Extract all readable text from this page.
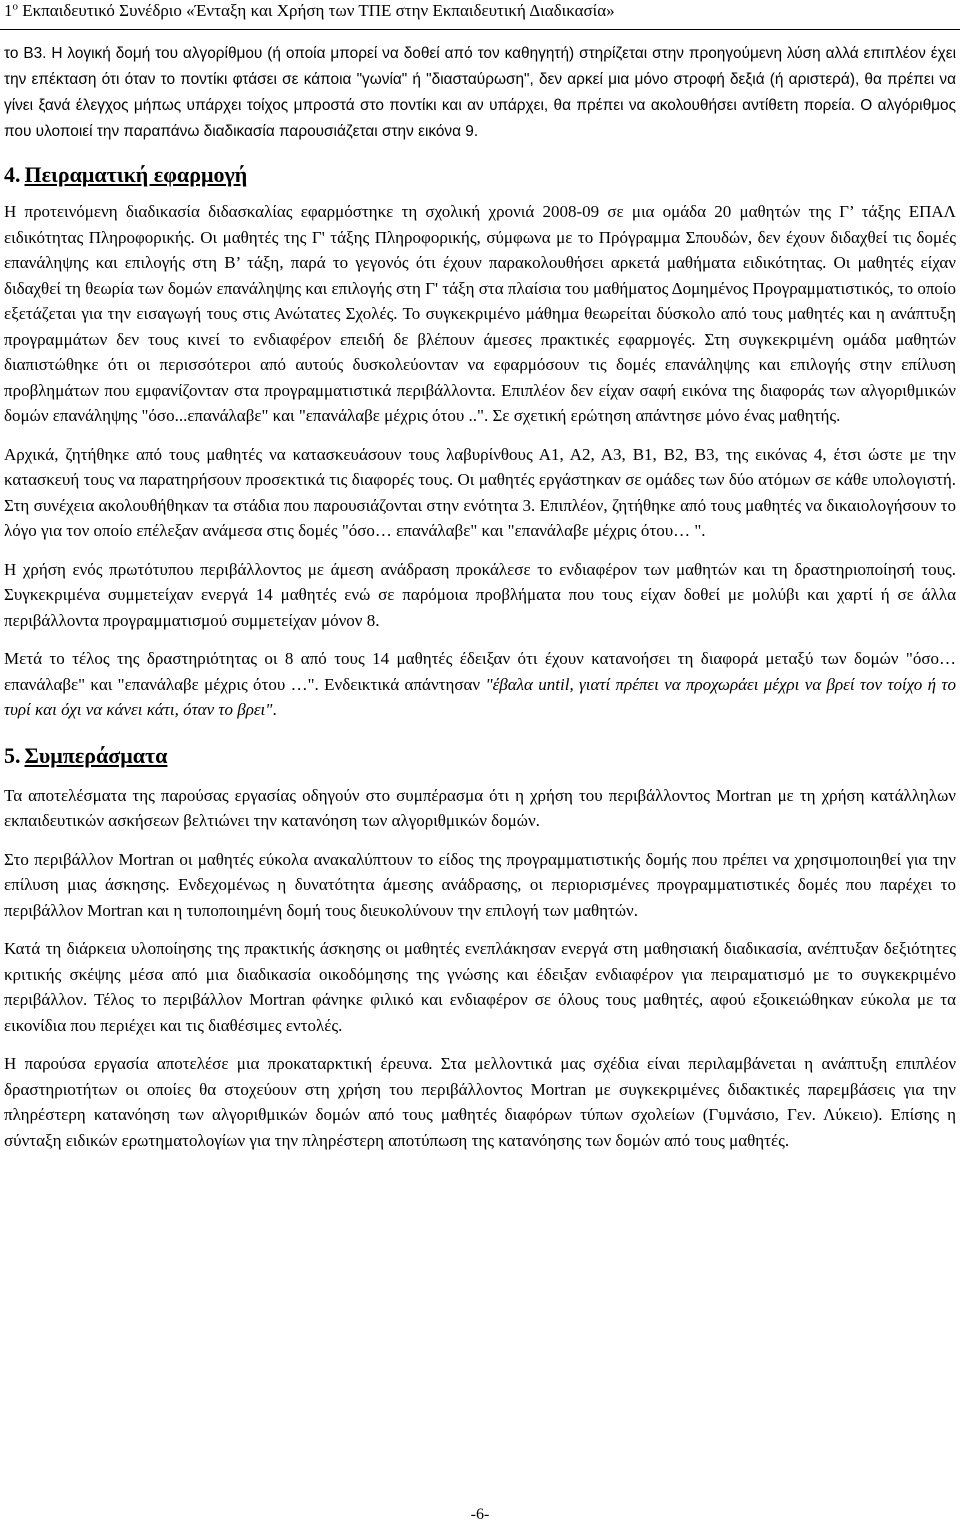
$1^o$ Εκπαιδευτικό Συνέδριο «Ένταξη και Χρήση των ΤΠΕ στην Εκπαιδευτική Διαδικασία»

το Β3. Η λογική δομή του αλγορίθμου (ή οποία μπορεί να δοθεί από τον καθηγητή) στηρίζεται στην προηγούμενη λύση αλλά επιπλέον έχει την επέκταση ότι όταν το ποντίκι φτάσει σε κάποια "γωνία" ή "διασταύρωση", δεν αρκεί μια μόνο στροφή δεξιά (ή αριστερά), θα πρέπει να γίνει ξανά έλεγχος μήπως υπάρχει τοίχος μπροστά στο ποντίκι και αν υπάρχει, θα πρέπει να ακολουθήσει αντίθετη πορεία. Ο αλγόριθμος που υλοποιεί την παραπάνω διαδικασία παρουσιάζεται στην εικόνα 9.

4. Πειραματική εφαρμογή

Η προτεινόμενη διαδικασία διδασκαλίας εφαρμόστηκε τη σχολική χρονιά 2008-09 σε μια ομάδα 20 μαθητών της Γ’ τάξης ΕΠΑΛ ειδικότητας Πληροφορικής. Οι μαθητές της Γ' τάξης Πληροφορικής, σύμφωνα με το Πρόγραμμα Σπουδών, δεν έχουν διδαχθεί τις δομές επανάληψης και επιλογής στη Β’ τάξη, παρά το γεγονός ότι έχουν παρακολουθήσει αρκετά μαθήματα ειδικότητας. Οι μαθητές είχαν διδαχθεί τη θεωρία των δομών επανάληψης και επιλογής στη Γ' τάξη στα πλαίσια του μαθήματος Δομημένος Προγραμματιστικός, το οποίο εξετάζεται για την εισαγωγή τους στις Ανώτατες Σχολές. Το συγκεκριμένο μάθημα θεωρείται δύσκολο από τους μαθητές και η ανάπτυξη προγραμμάτων δεν τους κινεί το ενδιαφέρον επειδή δε βλέπουν άμεσες πρακτικές εφαρμογές. Στη συγκεκριμένη ομάδα μαθητών διαπιστώθηκε ότι οι περισσότεροι από αυτούς δυσκολεύονταν να εφαρμόσουν τις δομές επανάληψης και επιλογής στην επίλυση προβλημάτων που εμφανίζονταν στα προγραμματιστικά περιβάλλοντα. Επιπλέον δεν είχαν σαφή εικόνα της διαφοράς των αλγοριθμικών δομών επανάληψης "όσο...επανάλαβε" και "επανάλαβε μέχρις ότου ..". Σε σχετική ερώτηση απάντησε μόνο ένας μαθητής.

Αρχικά, ζητήθηκε από τους μαθητές να κατασκευάσουν τους λαβυρίνθους Α1, Α2, Α3, Β1, Β2, Β3, της εικόνας 4, έτσι ώστε με την κατασκευή τους να παρατηρήσουν προσεκτικά τις διαφορές τους. Οι μαθητές εργάστηκαν σε ομάδες των δύο ατόμων σε κάθε υπολογιστή. Στη συνέχεια ακολουθήθηκαν τα στάδια που παρουσιάζονται στην ενότητα 3. Επιπλέον, ζητήθηκε από τους μαθητές να δικαιολογήσουν το λόγο για τον οποίο επέλεξαν ανάμεσα στις δομές "όσο… επανάλαβε" και "επανάλαβε μέχρις ότου… ".

Η χρήση ενός πρωτότυπου περιβάλλοντος με άμεση ανάδραση προκάλεσε το ενδιαφέρον των μαθητών και τη δραστηριοποίησή τους. Συγκεκριμένα συμμετείχαν ενεργά 14 μαθητές ενώ σε παρόμοια προβλήματα που τους είχαν δοθεί με μολύβι και χαρτί ή σε άλλα περιβάλλοντα προγραμματισμού συμμετείχαν μόνον 8.

Μετά το τέλος της δραστηριότητας οι 8 από τους 14 μαθητές έδειξαν ότι έχουν κατανοήσει τη διαφορά μεταξύ των δομών "όσο… επανάλαβε" και "επανάλαβε μέχρις ότου …". Ενδεικτικά απάντησαν "έβαλα until, γιατί πρέπει να προχωράει μέχρι να βρεί τον τοίχο ή το τυρί και όχι να κάνει κάτι, όταν το βρει".

5. Συμπεράσματα

Τα αποτελέσματα της παρούσας εργασίας οδηγούν στο συμπέρασμα ότι η χρήση του περιβάλλοντος Mortran με τη χρήση κατάλληλων εκπαιδευτικών ασκήσεων βελτιώνει την κατανόηση των αλγοριθμικών δομών.

Στο περιβάλλον Mortran οι μαθητές εύκολα ανακαλύπτουν το είδος της προγραμματιστικής δομής που πρέπει να χρησιμοποιηθεί για την επίλυση μιας άσκησης. Ενδεχομένως η δυνατότητα άμεσης ανάδρασης, οι περιορισμένες προγραμματιστικές δομές που παρέχει το περιβάλλον Mortran και η τυποποιημένη δομή τους διευκολύνουν την επιλογή των μαθητών.

Κατά τη διάρκεια υλοποίησης της πρακτικής άσκησης οι μαθητές ενεπλάκησαν ενεργά στη μαθησιακή διαδικασία, ανέπτυξαν δεξιότητες κριτικής σκέψης μέσα από μια διαδικασία οικοδόμησης της γνώσης και έδειξαν ενδιαφέρον για πειραματισμό με το συγκεκριμένο περιβάλλον. Τέλος το περιβάλλον Mortran φάνηκε φιλικό και ενδιαφέρον σε όλους τους μαθητές, αφού εξοικειώθηκαν εύκολα με τα εικονίδια που περιέχει και τις διαθέσιμες εντολές.

Η παρούσα εργασία αποτελέσε μια προκαταρκτική έρευνα. Στα μελλοντικά μας σχέδια είναι περιλαμβάνεται η ανάπτυξη επιπλέον δραστηριοτήτων οι οποίες θα στοχεύουν στη χρήση του περιβάλλοντος Mortran με συγκεκριμένες διδακτικές παρεμβάσεις για την πληρέστερη κατανόηση των αλγοριθμικών δομών από τους μαθητές διαφόρων τύπων σχολείων (Γυμνάσιο, Γεν. Λύκειο). Επίσης η σύνταξη ειδικών ερωτηματολογίων για την πληρέστερη αποτύπωση της κατανόησης των δομών από τους μαθητές.

-6-
